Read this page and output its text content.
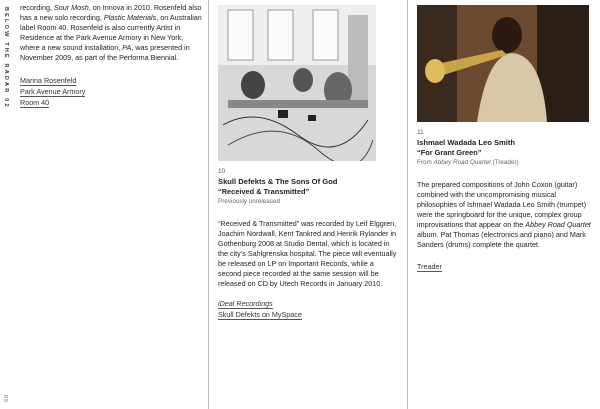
BELOW THE RADAR 02
05

recording, Sour Mosh, on Innova in 2010. Rosenfeld also has a new solo recording, Plastic Materials, on Australian label Room 40. Rosenfeld is also currently Artist in Residence at the Park Avenue Armory in New York, where a new sound installation, PA, was presented in November 2009, as part of the Performa Biennial.

Marina Rosenfeld
Park Avenue Armory
Room 40
10
Skull Defekts & The Sons Of God
“Received & Transmitted”
Previously unreleased

“Received & Transmitted” was recorded by Leif Elggren, Joachim Nordwall, Kent Tankred and Henrik Rylander in Gothenburg 2008 at Studio Dental, which is located in the city’s Sahlgrenska hospital. The piece will eventually be released on LP on Important Records, while a second piece recorded at the same session will be released on CD by Utech Records in January 2010.

iDeal Recordings
Skull Defekts on MySpace
11
Ishmael Wadada Leo Smith
“For Grant Green”
From Abbey Road Quartet (Treader)

The prepared compositions of John Coxon (guitar) combined with the uncompromising musical philosophies of Ishmael Wadada Leo Smith (trumpet) were the springboard for the unique, complex group improvisations that appear on the Abbey Road Quartet album. Pat Thomas (electronics and piano) and Mark Sanders (drums) complete the quartet.

Treader
